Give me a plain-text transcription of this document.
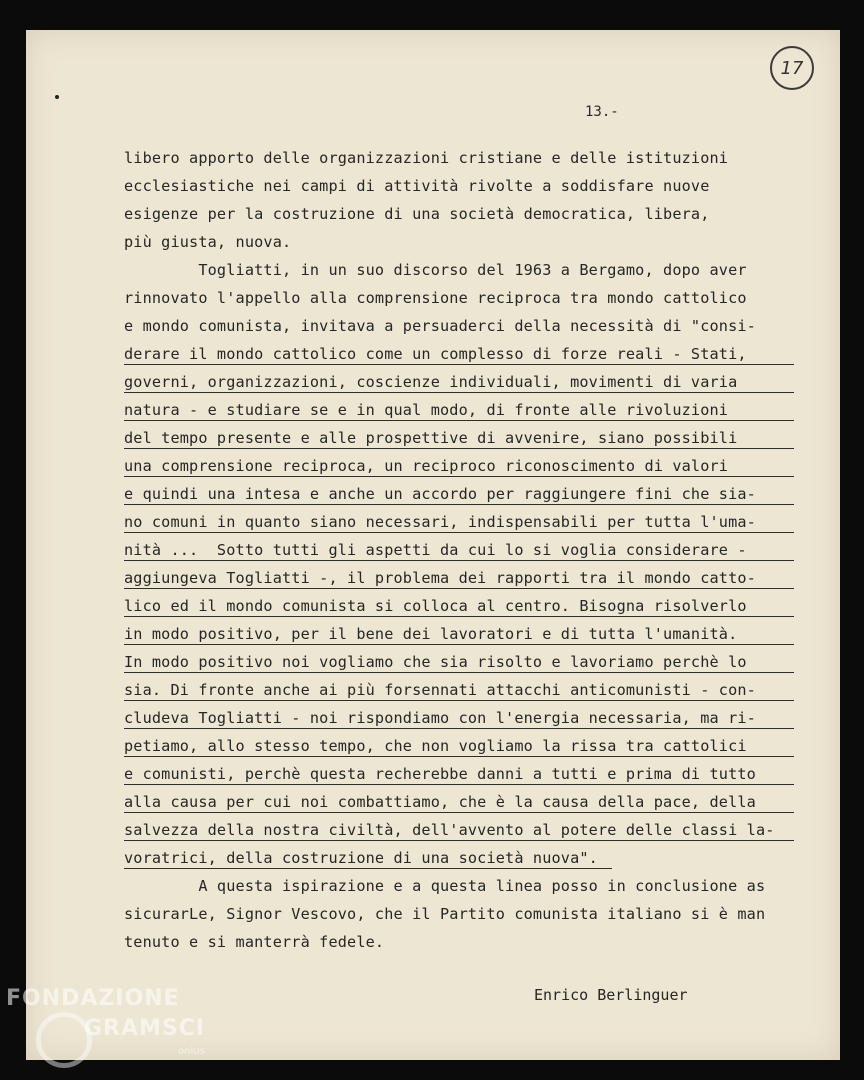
17
13.-
libero apporto delle organizzazioni cristiane e delle istituzioni
ecclesiastiche nei campi di attività rivolte a soddisfare nuove
esigenze per la costruzione di una società democratica, libera,
più giusta, nuova.
Togliatti, in un suo discorso del 1963 a Bergamo, dopo aver
rinnovato l'appello alla comprensione reciproca tra mondo cattolico
e mondo comunista, invitava a persuaderci della necessità di "consi-
derare il mondo cattolico come un complesso di forze reali - Stati,
governi, organizzazioni, coscienze individuali, movimenti di varia
natura - e studiare se e in qual modo, di fronte alle rivoluzioni
del tempo presente e alle prospettive di avvenire, siano possibili
una comprensione reciproca, un reciproco riconoscimento di valori
e quindi una intesa e anche un accordo per raggiungere fini che sia-
no comuni in quanto siano necessari, indispensabili per tutta l'uma-
nità ...  Sotto tutti gli aspetti da cui lo si voglia considerare -
aggiungeva Togliatti -, il problema dei rapporti tra il mondo catto-
lico ed il mondo comunista si colloca al centro. Bisogna risolverlo
in modo positivo, per il bene dei lavoratori e di tutta l'umanità.
In modo positivo noi vogliamo che sia risolto e lavoriamo perchè lo
sia. Di fronte anche ai più forsennati attacchi anticomunisti - con-
cludeva Togliatti - noi rispondiamo con l'energia necessaria, ma ri-
petiamo, allo stesso tempo, che non vogliamo la rissa tra cattolici
e comunisti, perchè questa recherebbe danni a tutti e prima di tutto
alla causa per cui noi combattiamo, che è la causa della pace, della
salvezza della nostra civiltà, dell'avvento al potere delle classi la-
voratrici, della costruzione di una società nuova".
A questa ispirazione e a questa linea posso in conclusione as
sicurarLe, Signor Vescovo, che il Partito comunista italiano si è man
tenuto e si manterrà fedele.
Enrico Berlinguer
FONDAZIONE
GRAMSCI
onlus
